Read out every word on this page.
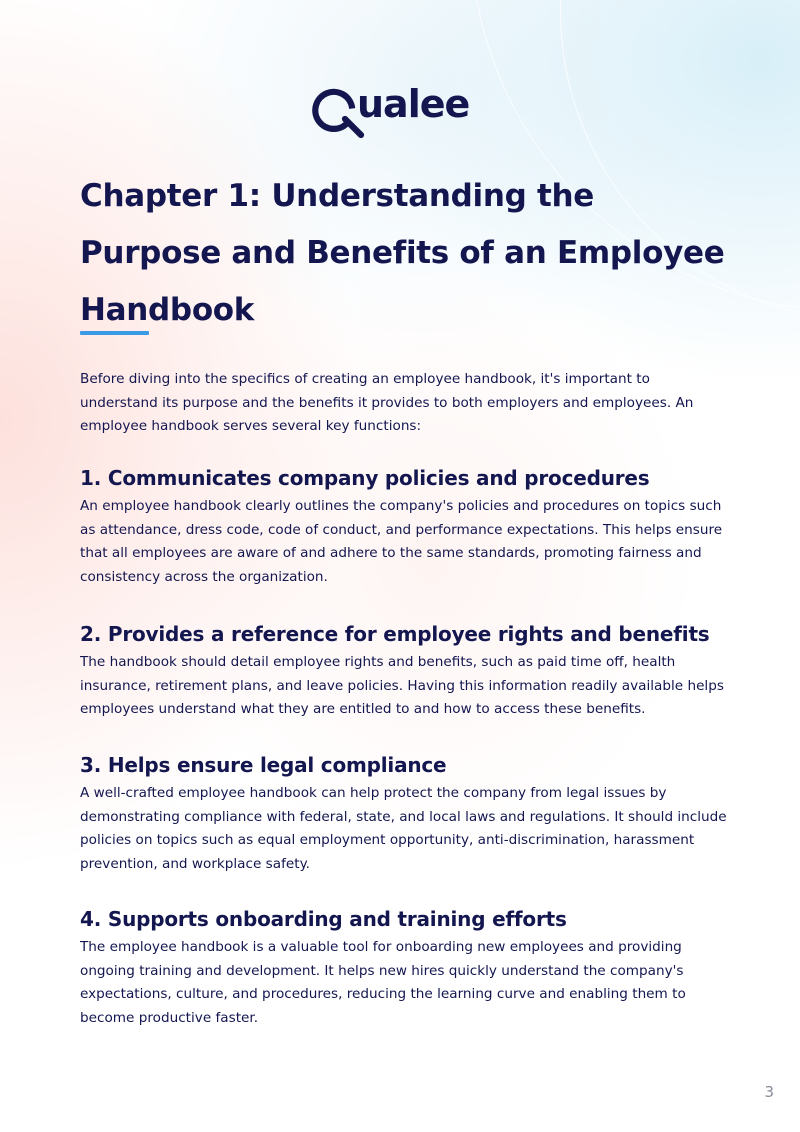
ualee
Chapter 1: Understanding the Purpose and Benefits of an Employee Handbook

Before diving into the specifics of creating an employee handbook, it's important to understand its purpose and the benefits it provides to both employers and employees. An employee handbook serves several key functions:

1. Communicates company policies and procedures

An employee handbook clearly outlines the company's policies and procedures on topics such as attendance, dress code, code of conduct, and performance expectations. This helps ensure that all employees are aware of and adhere to the same standards, promoting fairness and consistency across the organization.

2. Provides a reference for employee rights and benefits

The handbook should detail employee rights and benefits, such as paid time off, health insurance, retirement plans, and leave policies. Having this information readily available helps employees understand what they are entitled to and how to access these benefits.

3. Helps ensure legal compliance

A well-crafted employee handbook can help protect the company from legal issues by demonstrating compliance with federal, state, and local laws and regulations. It should include policies on topics such as equal employment opportunity, anti-discrimination, harassment prevention, and workplace safety.

4. Supports onboarding and training efforts

The employee handbook is a valuable tool for onboarding new employees and providing ongoing training and development. It helps new hires quickly understand the company's expectations, culture, and procedures, reducing the learning curve and enabling them to become productive faster.

3
